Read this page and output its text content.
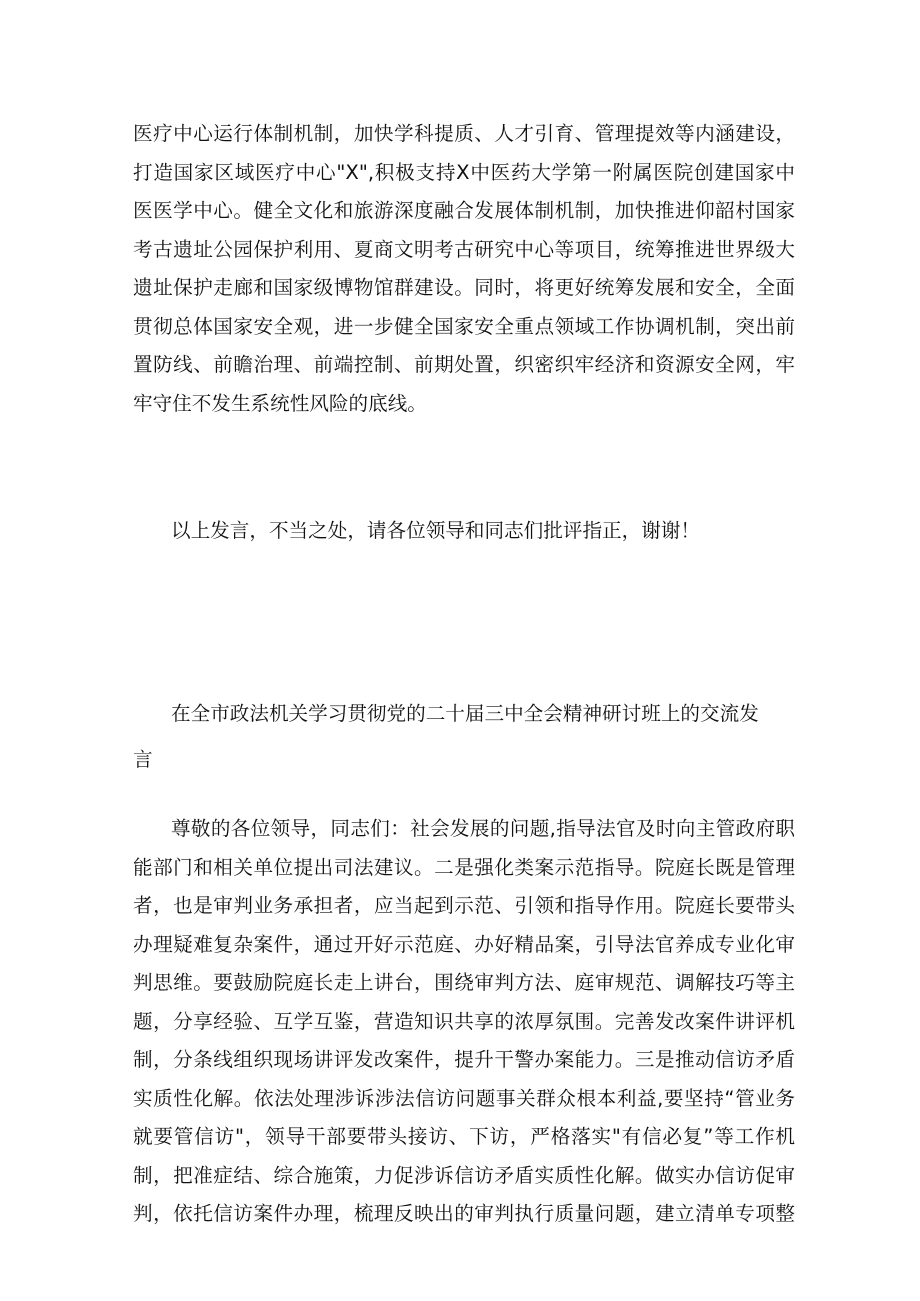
医疗中心运行体制机制，加快学科提质、人才引育、管理提效等内涵建设，
打造国家区域医疗中心"X",积极支持X中医药大学第一附属医院创建国家中
医医学中心。健全文化和旅游深度融合发展体制机制，加快推进仰韶村国家
考古遗址公园保护利用、夏商文明考古研究中心等项目，统筹推进世界级大
遗址保护走廊和国家级博物馆群建设。同时，将更好统筹发展和安全，全面
贯彻总体国家安全观，进一步健全国家安全重点领域工作协调机制，突出前
置防线、前瞻治理、前端控制、前期处置，织密织牢经济和资源安全网，牢
牢守住不发生系统性风险的底线。
以上发言，不当之处，请各位领导和同志们批评指正，谢谢！
在全市政法机关学习贯彻党的二十届三中全会精神研讨班上的交流发
言
尊敬的各位领导，同志们：社会发展的问题,指导法官及时向主管政府职
能部门和相关单位提出司法建议。二是强化类案示范指导。院庭长既是管理
者，也是审判业务承担者，应当起到示范、引领和指导作用。院庭长要带头
办理疑难复杂案件，通过开好示范庭、办好精品案，引导法官养成专业化审
判思维。要鼓励院庭长走上讲台，围绕审判方法、庭审规范、调解技巧等主
题，分享经验、互学互鉴，营造知识共享的浓厚氛围。完善发改案件讲评机
制，分条线组织现场讲评发改案件，提升干警办案能力。三是推动信访矛盾
实质性化解。依法处理涉诉涉法信访问题事关群众根本利益,要坚持“管业务
就要管信访"，领导干部要带头接访、下访，严格落实"有信必复”等工作机
制，把准症结、综合施策，力促涉诉信访矛盾实质性化解。做实办信访促审
判，依托信访案件办理，梳理反映出的审判执行质量问题，建立清单专项整
